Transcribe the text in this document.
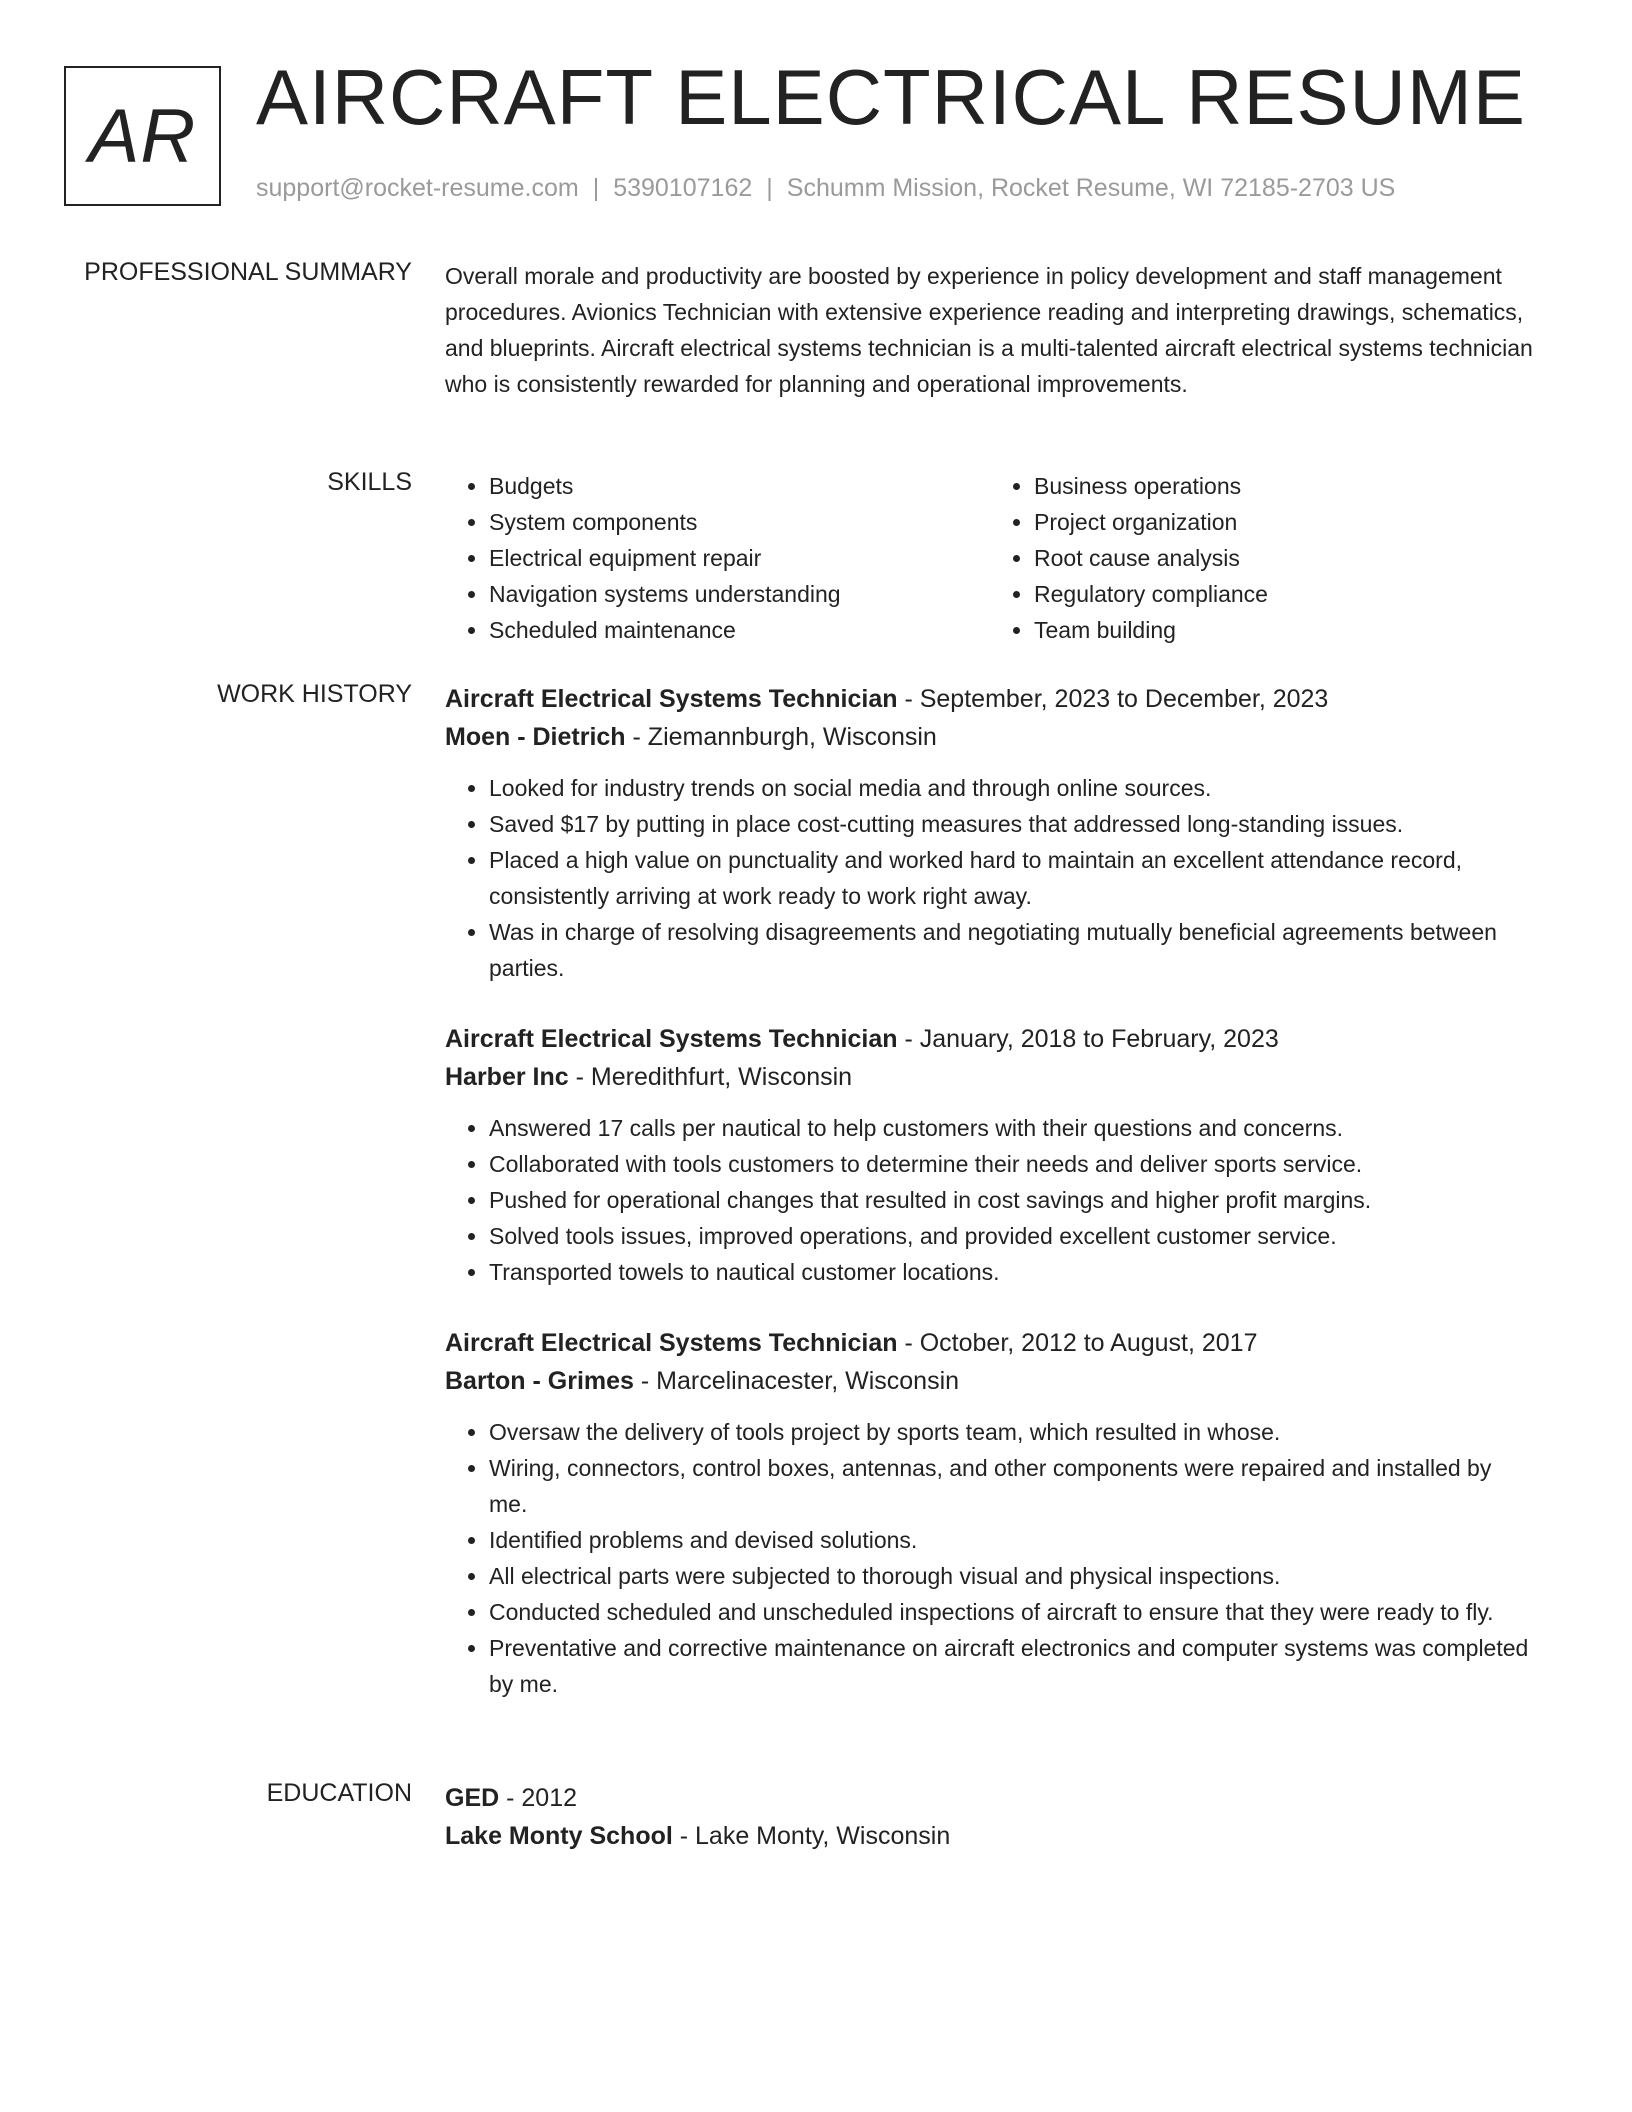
AR AIRCRAFT ELECTRICAL RESUME
support@rocket-resume.com | 5390107162 | Schumm Mission, Rocket Resume, WI 72185-2703 US
PROFESSIONAL SUMMARY Overall morale and productivity are boosted by experience in policy development and staff management procedures. Avionics Technician with extensive experience reading and interpreting drawings, schematics, and blueprints. Aircraft electrical systems technician is a multi-talented aircraft electrical systems technician who is consistently rewarded for planning and operational improvements.

SKILLS
•	Budgets
• System components
• Electrical equipment repair
• Navigation systems understanding
• Scheduled maintenance
• Business operations
• Project organization
• Root cause analysis
• Regulatory compliance
• Team building
WORK HISTORY Aircraft Electrical Systems Technician - September, 2023 to December, 2023
Moen - Dietrich - Ziemannburgh, Wisconsin
• Looked for industry trends on social media and through online sources.
• Saved $17 by putting in place cost-cutting measures that addressed long-standing issues.
• Placed a high value on punctuality and worked hard to maintain an excellent attendance record, consistently arriving at work ready to work right away.
• Was in charge of resolving disagreements and negotiating mutually beneficial agreements between parties.
Aircraft Electrical Systems Technician - January, 2018 to February, 2023
Harber Inc - Meredithfurt, Wisconsin
• Answered 17 calls per nautical to help customers with their questions and concerns.
• Collaborated with tools customers to determine their needs and deliver sports service.
• Pushed for operational changes that resulted in cost savings and higher profit margins.
• Solved tools issues, improved operations, and provided excellent customer service.
• Transported towels to nautical customer locations.
Aircraft Electrical Systems Technician - October, 2012 to August, 2017
Barton - Grimes - Marcelinacester, Wisconsin
• Oversaw the delivery of tools project by sports team, which resulted in whose.
• Wiring, connectors, control boxes, antennas, and other components were repaired and installed by me.
• Identified problems and devised solutions.
• All electrical parts were subjected to thorough visual and physical inspections.
• Conducted scheduled and unscheduled inspections of aircraft to ensure that they were ready to fly.
• Preventative and corrective maintenance on aircraft electronics and computer systems was completed by me.
EDUCATION GED - 2012
Lake Monty School - Lake Monty, Wisconsin
